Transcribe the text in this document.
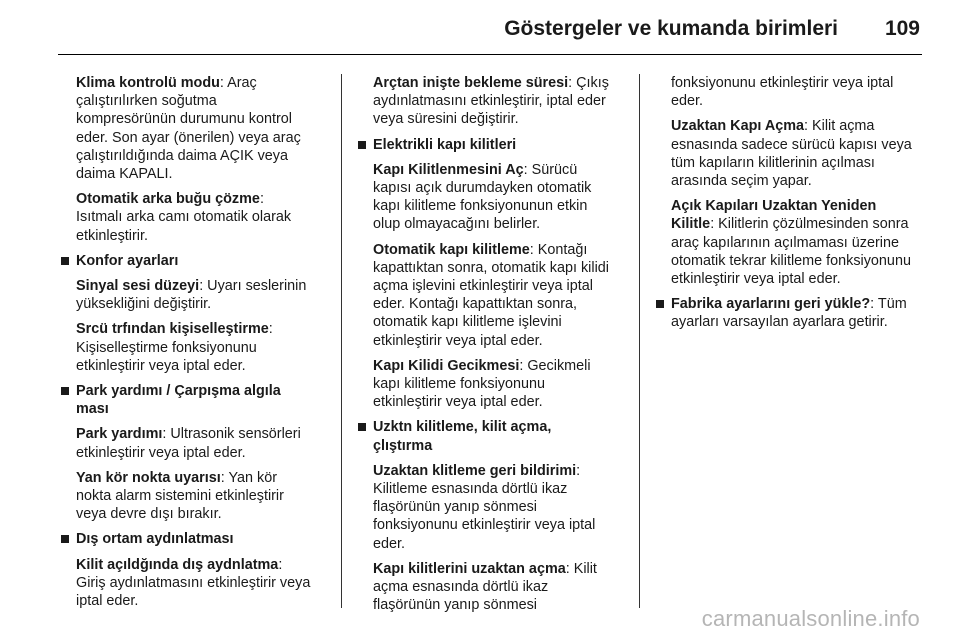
Göstergeler ve kumanda birimleri 109
Klima kontrolü modu: Araç çalıştırılırken soğutma kompresörünün durumunu kontrol eder. Son ayar (önerilen) veya araç çalıştırıldığında daima AÇIK veya daima KAPALI.
Otomatik arka buğu çözme: Isıtmalı arka camı otomatik olarak etkinleştirir.
Konfor ayarları
Sinyal sesi düzeyi: Uyarı seslerinin yüksekliğini değiştirir.
Srcü trfından kişiselleştirme: Kişiselleştirme fonksiyonunu etkinleştirir veya iptal eder.
Park yardımı / Çarpışma algıla ması
Park yardımı: Ultrasonik sensörleri etkinleştirir veya iptal eder.
Yan kör nokta uyarısı: Yan kör nokta alarm sistemini etkinleştirir veya devre dışı bırakır.
Dış ortam aydınlatması
Kilit açıldğında dış aydnlatma: Giriş aydınlatmasını etkinleştirir veya iptal eder.
Arçtan inişte bekleme süresi: Çıkış aydınlatmasını etkinleştirir, iptal eder veya süresini değiştirir.
Elektrikli kapı kilitleri
Kapı Kilitlenmesini Aç: Sürücü kapısı açık durumdayken otomatik kapı kilitleme fonksiyonunun etkin olup olmayacağını belirler.
Otomatik kapı kilitleme: Kontağı kapattıktan sonra, otomatik kapı kilidi açma işlevini etkinleştirir veya iptal eder. Kontağı kapattıktan sonra, otomatik kapı kilitleme işlevini etkinleştirir veya iptal eder.
Kapı Kilidi Gecikmesi: Gecikmeli kapı kilitleme fonksiyonunu etkinleştirir veya iptal eder.
Uzktn kilitleme, kilit açma, çlıştırma
Uzaktan klitleme geri bildirimi: Kilitleme esnasında dörtlü ikaz flaşörünün yanıp sönmesi fonksiyonunu etkinleştirir veya iptal eder.
Kapı kilitlerini uzaktan açma: Kilit açma esnasında dörtlü ikaz flaşörünün yanıp sönmesi
fonksiyonunu etkinleştirir veya iptal eder.
Uzaktan Kapı Açma: Kilit açma esnasında sadece sürücü kapısı veya tüm kapıların kilitlerinin açılması arasında seçim yapar.
Açık Kapıları Uzaktan Yeniden Kilitle: Kilitlerin çözülmesinden sonra araç kapılarının açılmaması üzerine otomatik tekrar kilitleme fonksiyonunu etkinleştirir veya iptal eder.
Fabrika ayarlarını geri yükle?: Tüm ayarları varsayılan ayarlara getirir.
carmanualsonline.info
